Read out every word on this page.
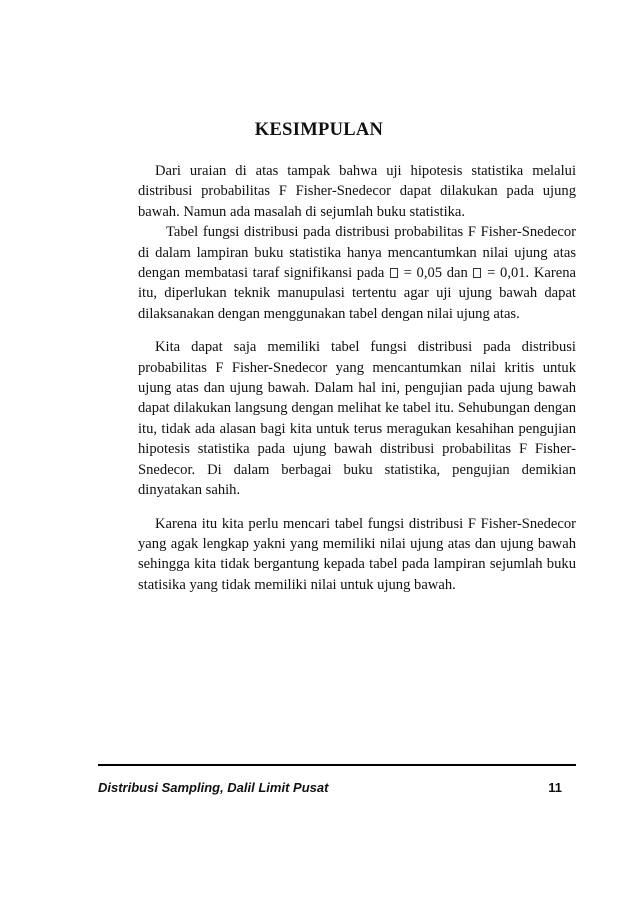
KESIMPULAN

Dari uraian di atas tampak bahwa uji hipotesis statistika melalui distribusi probabilitas F Fisher-Snedecor dapat dilakukan pada ujung bawah. Namun ada masalah di sejumlah buku statistika.

Tabel fungsi distribusi pada distribusi probabilitas F Fisher-Snedecor di dalam lampiran buku statistika hanya mencantumkan nilai ujung atas dengan membatasi taraf signifikansi pada = 0,05 dan = 0,01. Karena itu, diperlukan teknik manupulasi tertentu agar uji ujung bawah dapat dilaksanakan dengan menggunakan tabel dengan nilai ujung atas.

Kita dapat saja memiliki tabel fungsi distribusi pada distribusi probabilitas F Fisher-Snedecor yang mencantumkan nilai kritis untuk ujung atas dan ujung bawah. Dalam hal ini, pengujian pada ujung bawah dapat dilakukan langsung dengan melihat ke tabel itu. Sehubungan dengan itu, tidak ada alasan bagi kita untuk terus meragukan kesahihan pengujian hipotesis statistika pada ujung bawah distribusi probabilitas F Fisher-Snedecor. Di dalam berbagai buku statistika, pengujian demikian dinyatakan sahih.

Karena itu kita perlu mencari tabel fungsi distribusi F Fisher-Snedecor yang agak lengkap yakni yang memiliki nilai ujung atas dan ujung bawah sehingga kita tidak bergantung kepada tabel pada lampiran sejumlah buku statisika yang tidak memiliki nilai untuk ujung bawah.

Distribusi Sampling, Dalil Limit Pusat	11
